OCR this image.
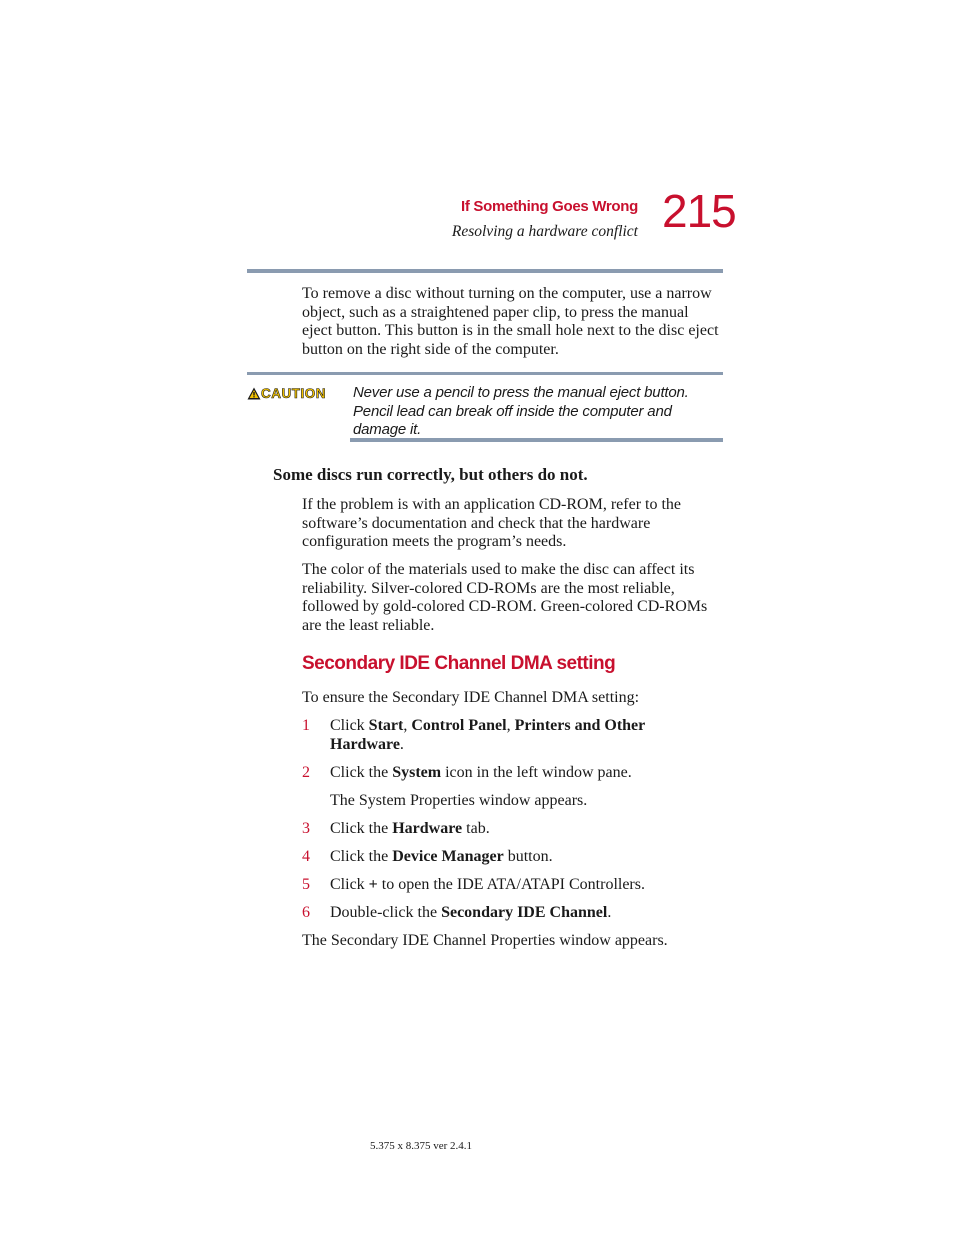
If Something Goes Wrong
Resolving a hardware conflict 215
To remove a disc without turning on the computer, use a narrow object, such as a straightened paper clip, to press the manual eject button. This button is in the small hole next to the disc eject button on the right side of the computer.
CAUTION Never use a pencil to press the manual eject button. Pencil lead can break off inside the computer and damage it.
Some discs run correctly, but others do not.
If the problem is with an application CD-ROM, refer to the software’s documentation and check that the hardware configuration meets the program’s needs.
The color of the materials used to make the disc can affect its reliability. Silver-colored CD-ROMs are the most reliable, followed by gold-colored CD-ROM. Green-colored CD-ROMs are the least reliable.
Secondary IDE Channel DMA setting
To ensure the Secondary IDE Channel DMA setting:
1	Click Start, Control Panel, Printers and Other Hardware.
2	Click the System icon in the left window pane.
The System Properties window appears.
3	Click the Hardware tab.
4	Click the Device Manager button.
5	Click + to open the IDE ATA/ATAPI Controllers.
6	Double-click the Secondary IDE Channel.
The Secondary IDE Channel Properties window appears.
5.375 x 8.375 ver 2.4.1
